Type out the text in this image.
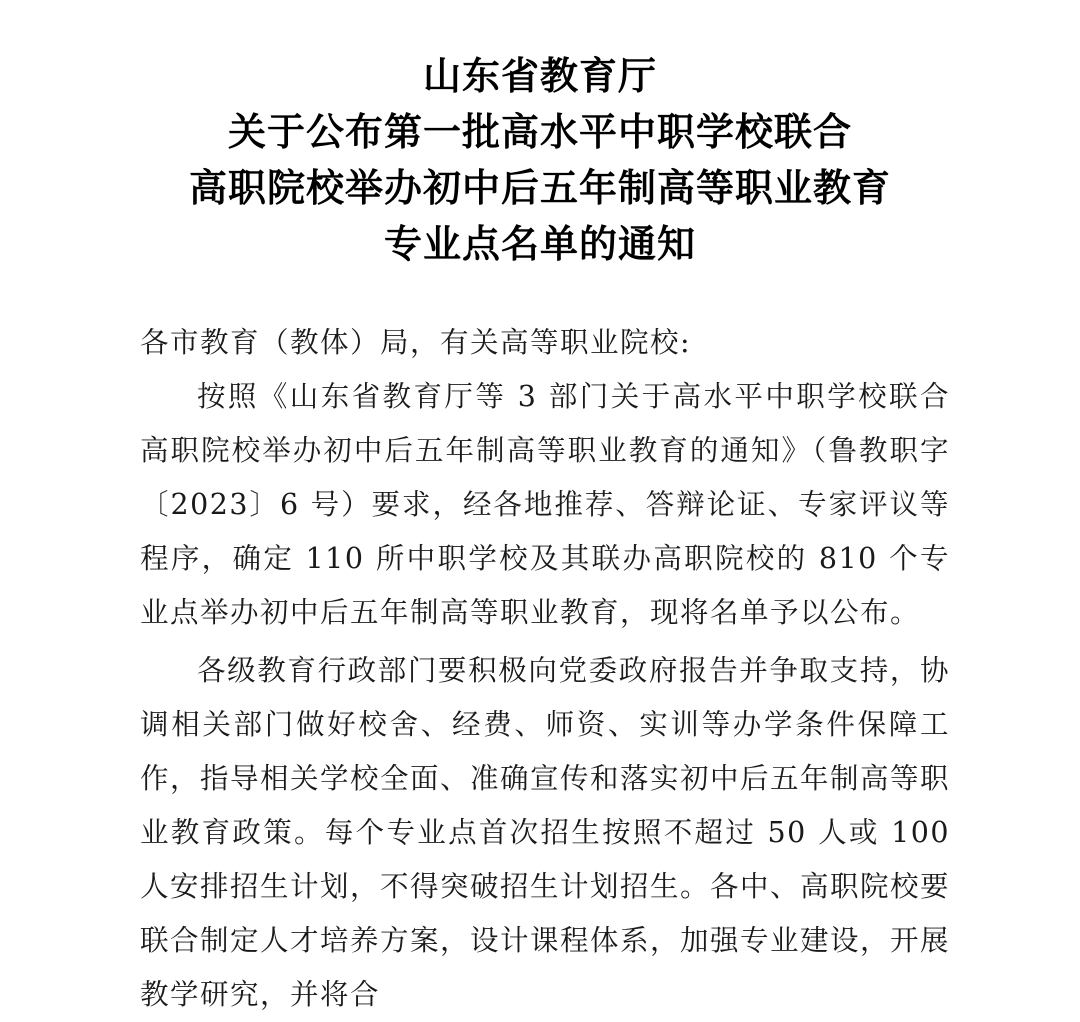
山东省教育厅
关于公布第一批高水平中职学校联合
高职院校举办初中后五年制高等职业教育
专业点名单的通知

各市教育（教体）局，有关高等职业院校:

按照《山东省教育厅等 3 部门关于高水平中职学校联合高职院校举办初中后五年制高等职业教育的通知》（鲁教职字〔2023〕6 号）要求，经各地推荐、答辩论证、专家评议等程序，确定 110 所中职学校及其联办高职院校的 810 个专业点举办初中后五年制高等职业教育，现将名单予以公布。

各级教育行政部门要积极向党委政府报告并争取支持，协调相关部门做好校舍、经费、师资、实训等办学条件保障工作，指导相关学校全面、准确宣传和落实初中后五年制高等职业教育政策。每个专业点首次招生按照不超过 50 人或 100 人安排招生计划，不得突破招生计划招生。各中、高职院校要联合制定人才培养方案，设计课程体系，加强专业建设，开展教学研究，并将合
